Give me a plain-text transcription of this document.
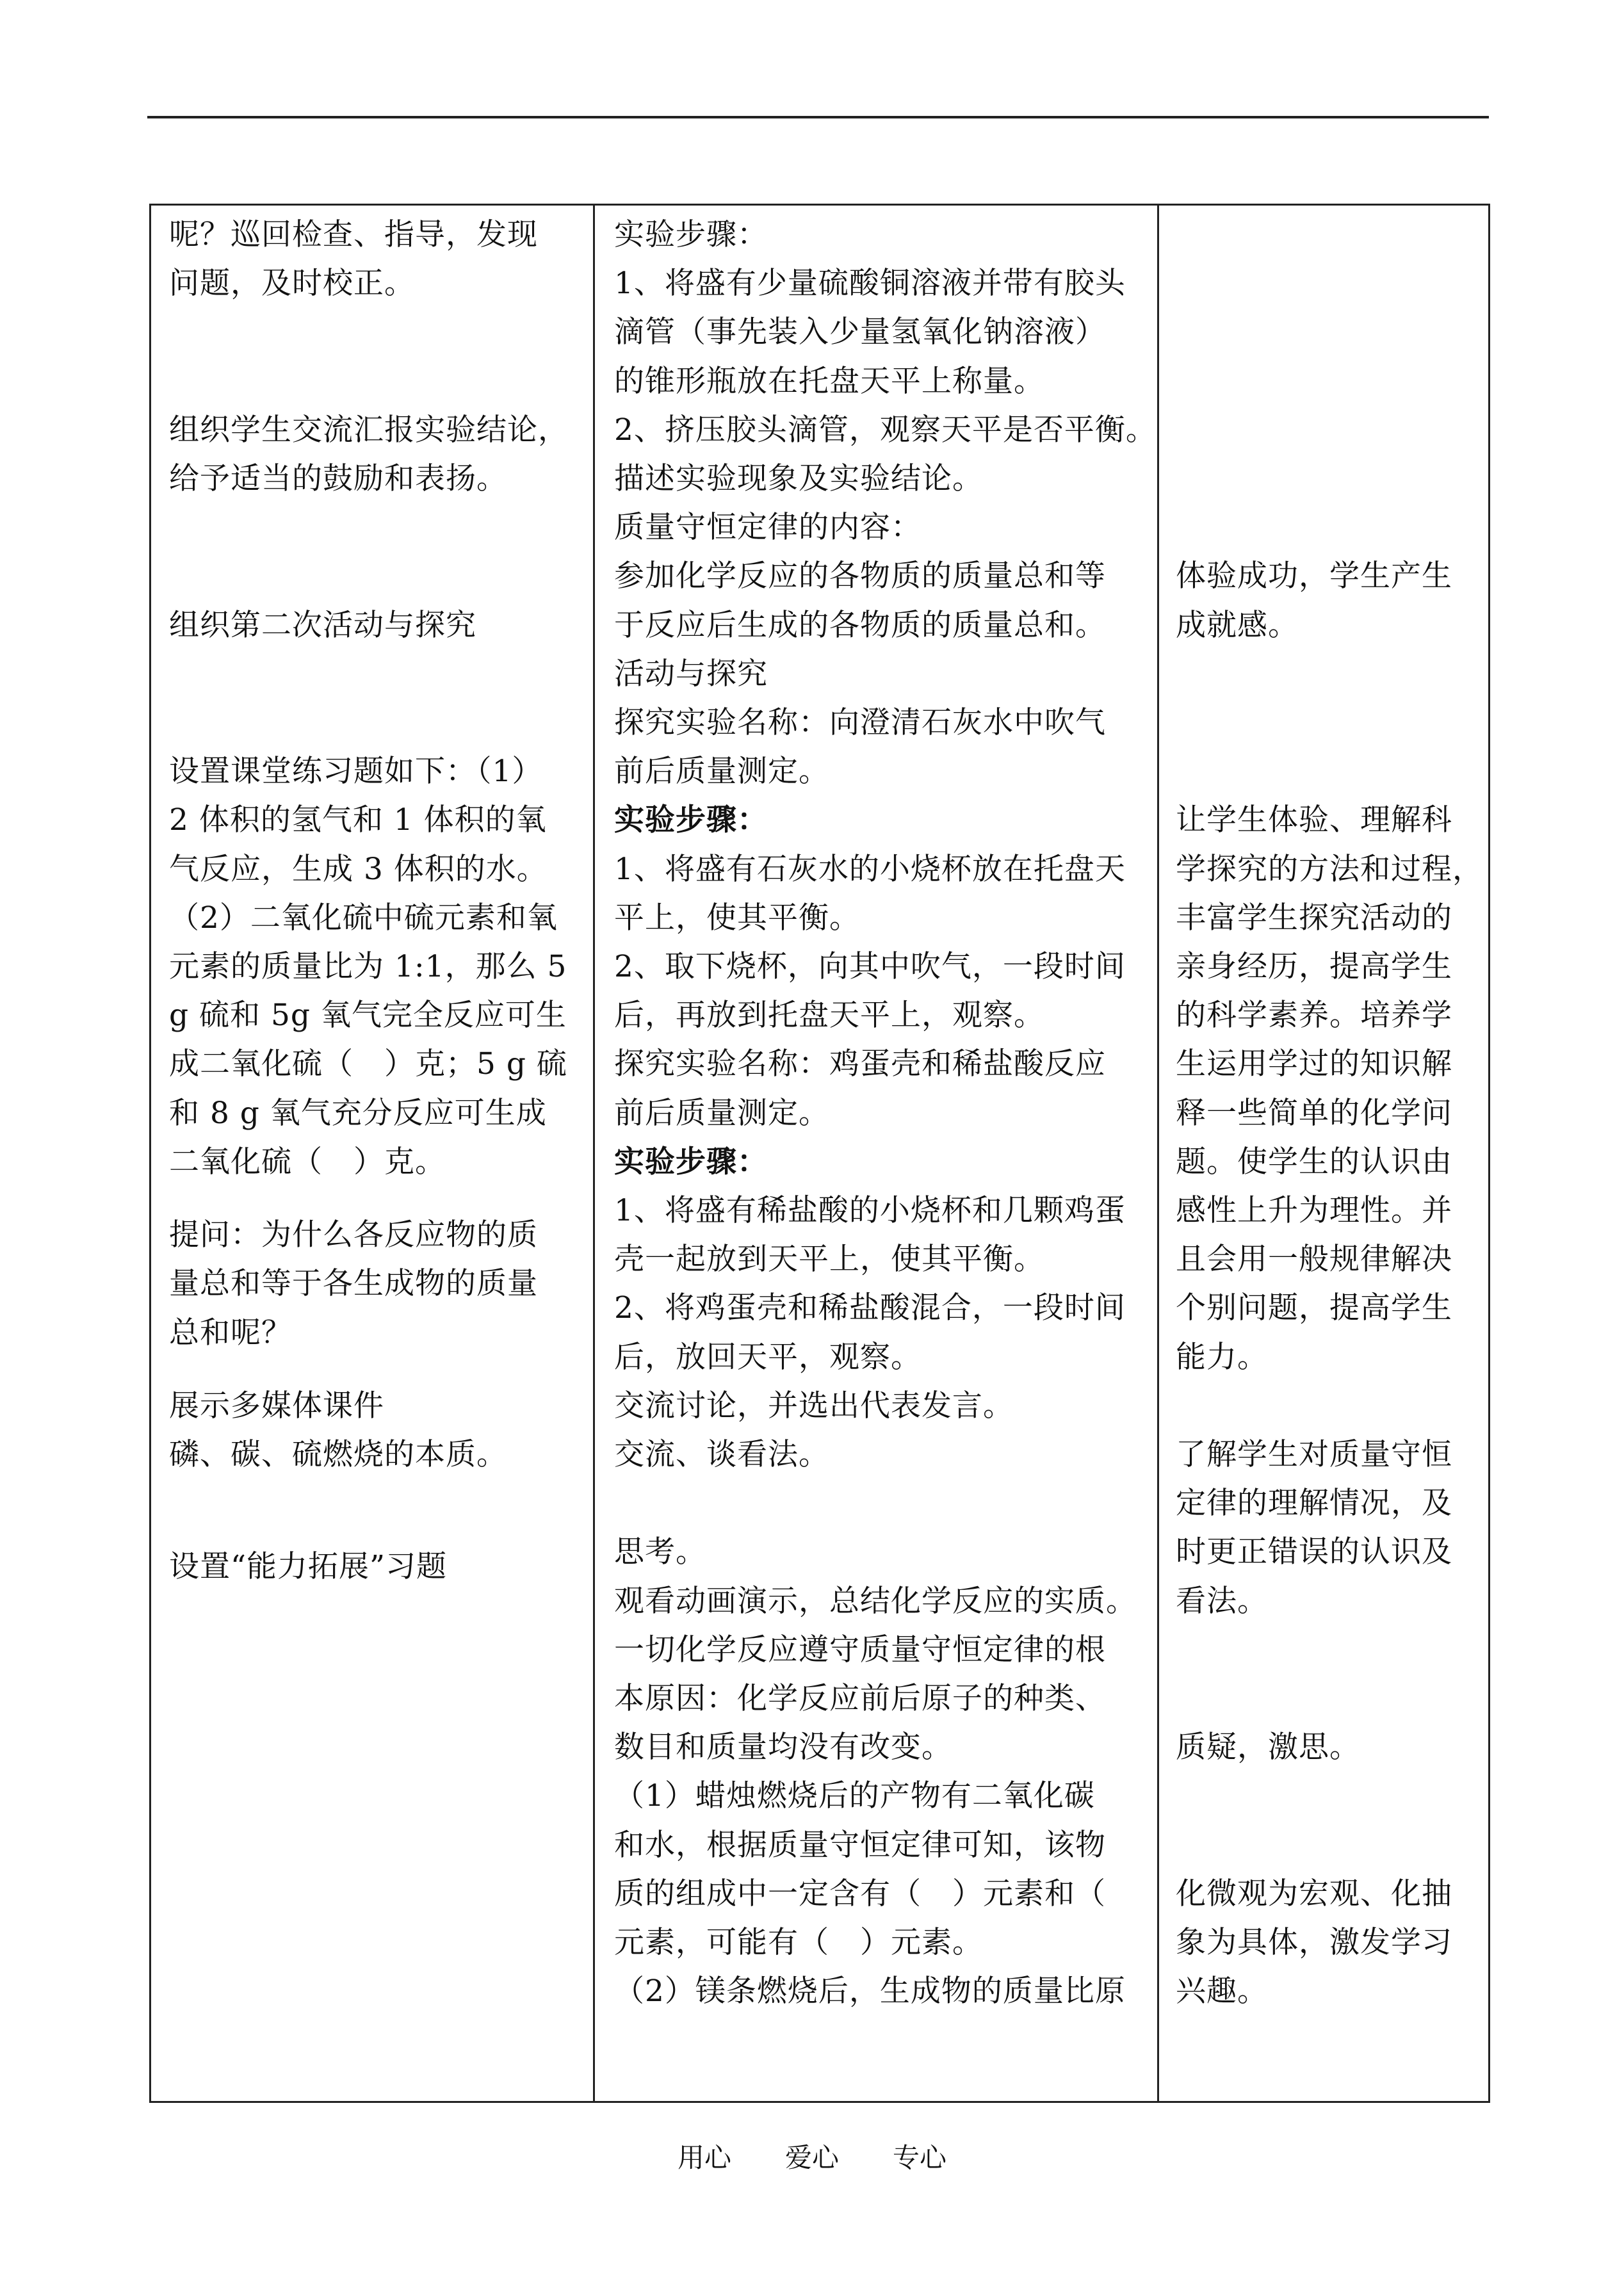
呢？巡回检查、指导，发现
问题，及时校正。
组织学生交流汇报实验结论，
给予适当的鼓励和表扬。
组织第二次活动与探究
设置课堂练习题如下：（1）
2 体积的氢气和 1 体积的氧
气反应，生成 3 体积的水。
（2）二氧化硫中硫元素和氧
元素的质量比为 1:1，那么 5
g 硫和 5g 氧气完全反应可生
成二氧化硫（　）克；5 g 硫
和 8 g 氧气充分反应可生成
二氧化硫（　）克。
提问：为什么各反应物的质
量总和等于各生成物的质量
总和呢？
展示多媒体课件
磷、碳、硫燃烧的本质。
设置“能力拓展”习题
实验步骤：
1、将盛有少量硫酸铜溶液并带有胶头
滴管（事先装入少量氢氧化钠溶液）
的锥形瓶放在托盘天平上称量。
2、挤压胶头滴管，观察天平是否平衡。
描述实验现象及实验结论。
质量守恒定律的内容：
参加化学反应的各物质的质量总和等
于反应后生成的各物质的质量总和。
活动与探究
探究实验名称：向澄清石灰水中吹气
前后质量测定。
实验步骤：
1、将盛有石灰水的小烧杯放在托盘天
平上，使其平衡。
2、取下烧杯，向其中吹气，一段时间
后，再放到托盘天平上，观察。
探究实验名称：鸡蛋壳和稀盐酸反应
前后质量测定。
实验步骤：
1、将盛有稀盐酸的小烧杯和几颗鸡蛋
壳一起放到天平上，使其平衡。
2、将鸡蛋壳和稀盐酸混合，一段时间
后，放回天平，观察。
交流讨论，并选出代表发言。
交流、谈看法。
思考。
观看动画演示，总结化学反应的实质。
一切化学反应遵守质量守恒定律的根
本原因：化学反应前后原子的种类、
数目和质量均没有改变。
（1）蜡烛燃烧后的产物有二氧化碳
和水，根据质量守恒定律可知，该物
质的组成中一定含有（　）元素和（
元素，可能有（　）元素。
（2）镁条燃烧后，生成物的质量比原
体验成功，学生产生
成就感。
让学生体验、理解科
学探究的方法和过程，
丰富学生探究活动的
亲身经历，提高学生
的科学素养。培养学
生运用学过的知识解
释一些简单的化学问
题。使学生的认识由
感性上升为理性。并
且会用一般规律解决
个别问题，提高学生
能力。
了解学生对质量守恒
定律的理解情况，及
时更正错误的认识及
看法。
质疑，激思。
化微观为宏观、化抽
象为具体，激发学习
兴趣。
用心　　爱心　　专心
